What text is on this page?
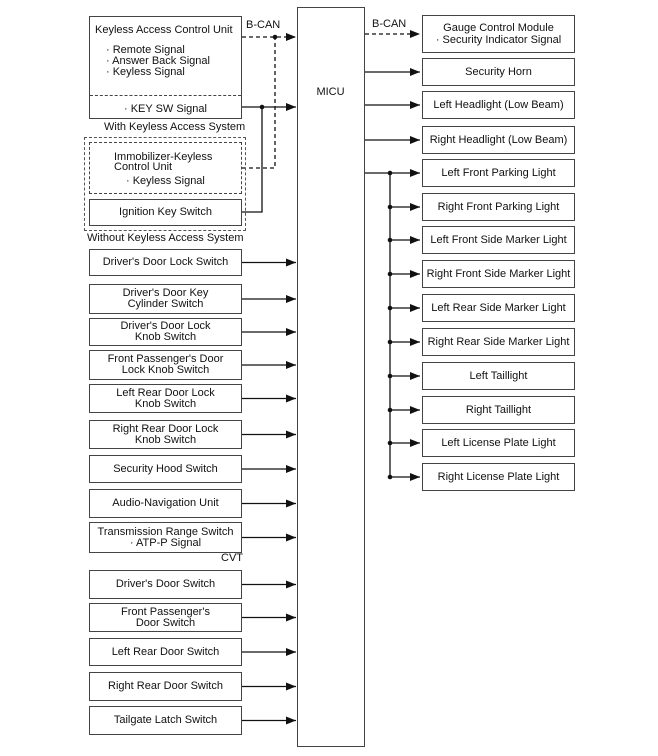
MICU
B-CAN	B-CAN
Keyless Access Control Unit
· Remote Signal
· Answer Back Signal
· Keyless Signal
· KEY SW Signal
With Keyless Access System
Immobilizer-Keyless
Control Unit
· Keyless Signal
Ignition Key Switch
Without Keyless Access System
Driver's Door Lock Switch
Driver's Door Key
Cylinder Switch
Driver's Door Lock
Knob Switch
Front Passenger's Door
Lock Knob Switch
Left Rear Door Lock
Knob Switch
Right Rear Door Lock
Knob Switch
Security Hood Switch
Audio-Navigation Unit
Transmission Range Switch
· ATP-P Signal
Driver's Door Switch
Front Passenger's
Door Switch
Left Rear Door Switch
Right Rear Door Switch
Tailgate Latch Switch
CVT
Gauge Control Module
· Security Indicator Signal
Security Horn
Left Headlight (Low Beam)
Right Headlight (Low Beam)
Left Front Parking Light
Right Front Parking Light
Left Front Side Marker Light
Right Front Side Marker Light
Left Rear Side Marker Light
Right Rear Side Marker Light
Left Taillight
Right Taillight
Left License Plate Light
Right License Plate Light
